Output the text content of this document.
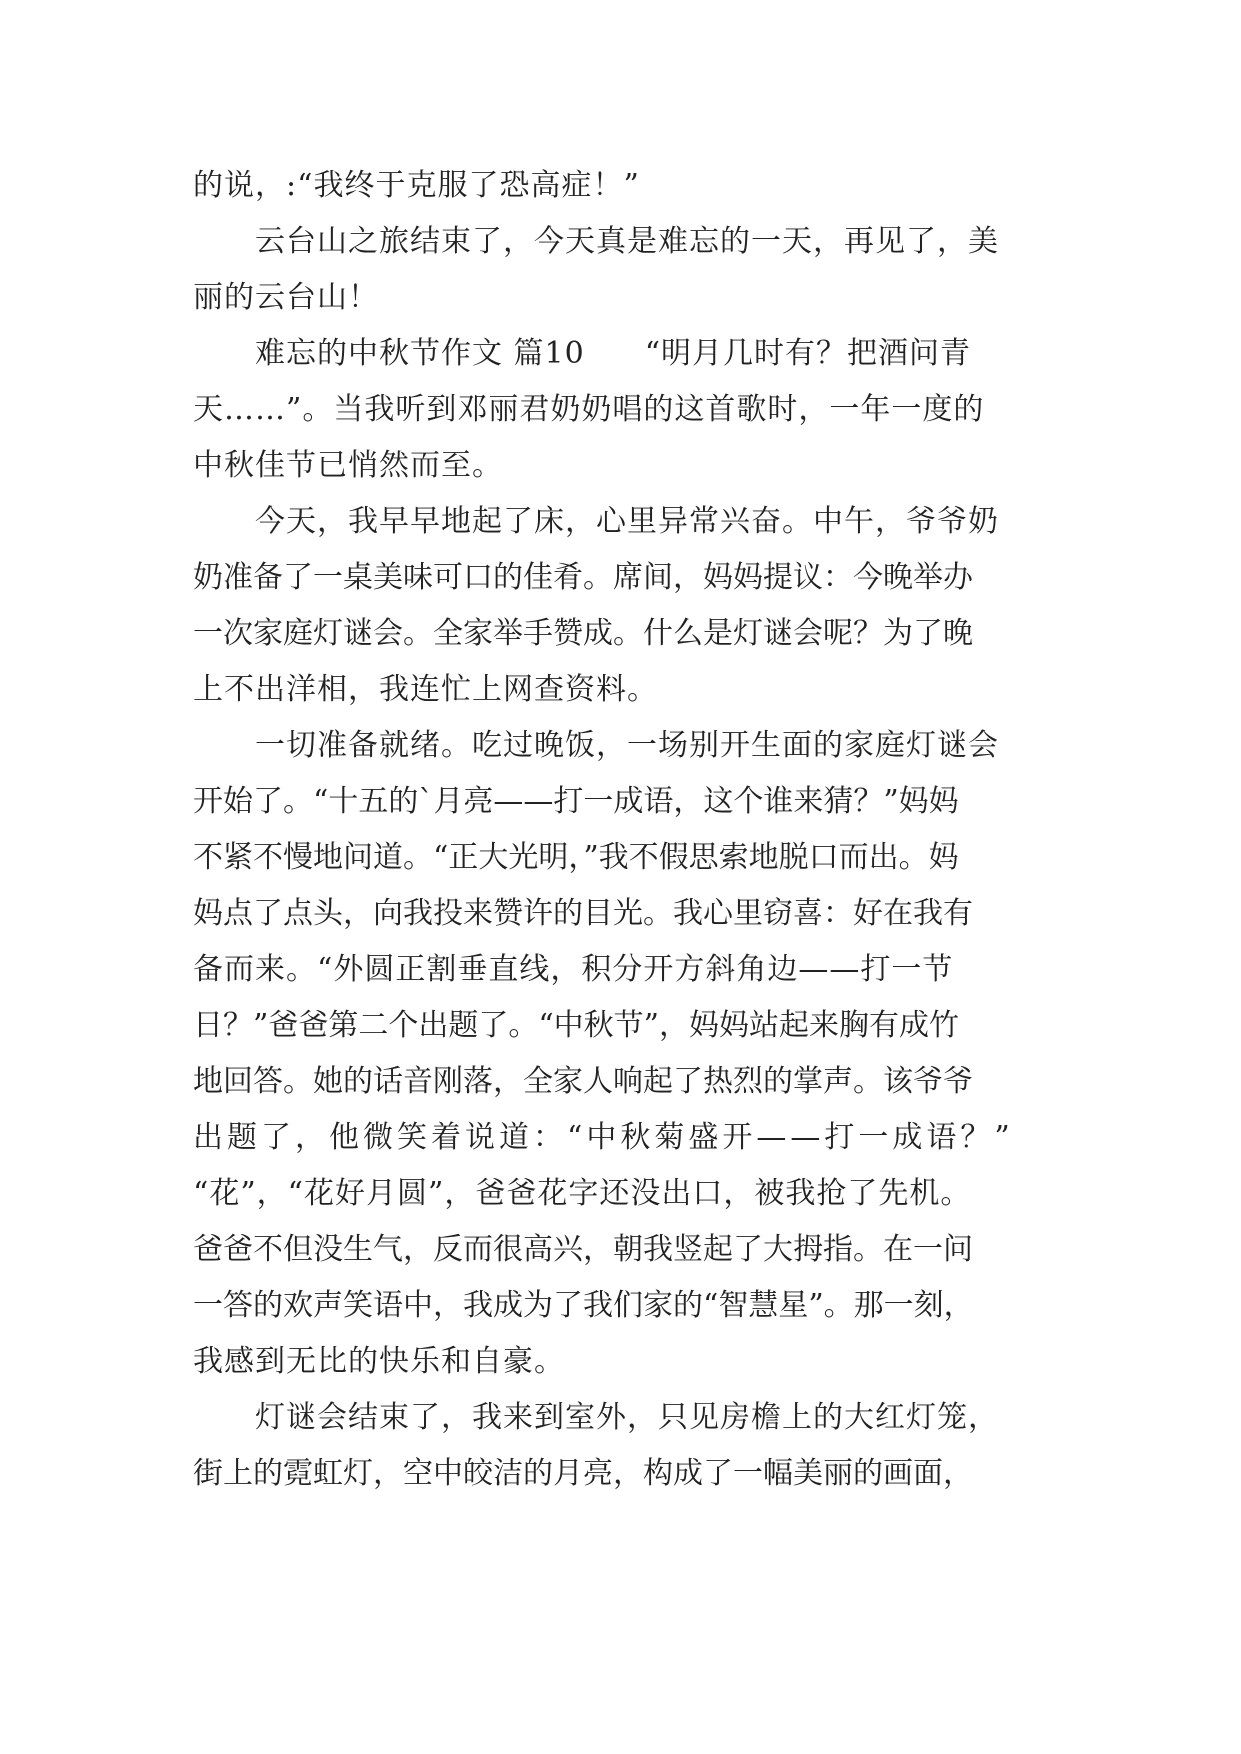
的说，:“我终于克服了恐高症！”
云台山之旅结束了，今天真是难忘的一天，再见了，美
丽的云台山！
难忘的中秋节作文 篇10 “明月几时有？把酒问青
天……”。当我听到邓丽君奶奶唱的这首歌时，一年一度的
中秋佳节已悄然而至。
今天，我早早地起了床，心里异常兴奋。中午，爷爷奶
奶准备了一桌美味可口的佳肴。席间，妈妈提议：今晚举办
一次家庭灯谜会。全家举手赞成。什么是灯谜会呢？为了晚
上不出洋相，我连忙上网查资料。
一切准备就绪。吃过晚饭，一场别开生面的家庭灯谜会
开始了。“十五的`月亮——打一成语，这个谁来猜？”妈妈
不紧不慢地问道。“正大光明，”我不假思索地脱口而出。妈
妈点了点头，向我投来赞许的目光。我心里窃喜：好在我有
备而来。“外圆正割垂直线，积分开方斜角边——打一节
日？”爸爸第二个出题了。“中秋节”，妈妈站起来胸有成竹
地回答。她的话音刚落，全家人响起了热烈的掌声。该爷爷
出题了，他微笑着说道：“中秋菊盛开——打一成语？”
“花”，“花好月圆”，爸爸花字还没出口，被我抢了先机。
爸爸不但没生气，反而很高兴，朝我竖起了大拇指。在一问
一答的欢声笑语中，我成为了我们家的“智慧星”。那一刻，
我感到无比的快乐和自豪。
灯谜会结束了，我来到室外，只见房檐上的大红灯笼，
街上的霓虹灯，空中皎洁的月亮，构成了一幅美丽的画面，
